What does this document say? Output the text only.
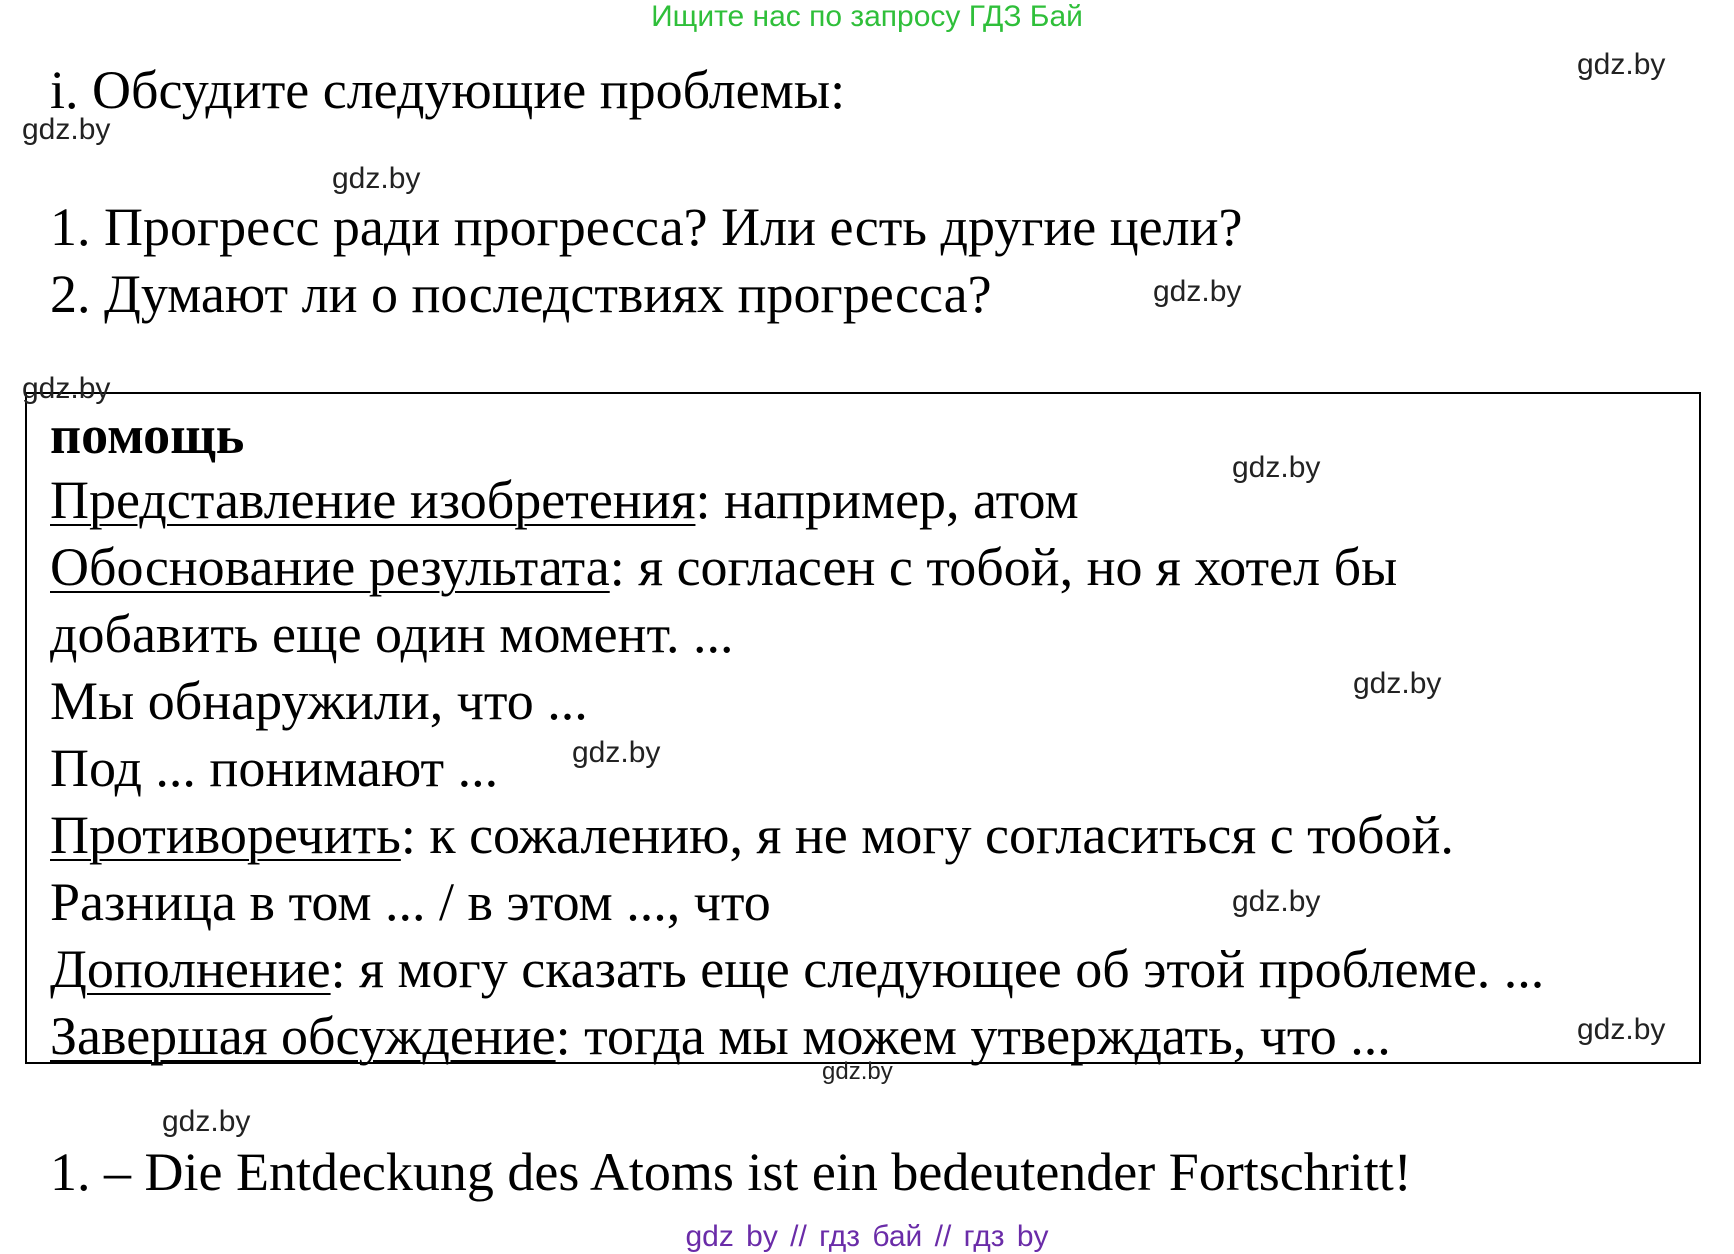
Ищите нас по запросу ГДЗ Бай
i. Обсудите следующие проблемы:
1. Прогресс ради прогресса? Или есть другие цели?
2. Думают ли о последствиях прогресса?
помощь
Представление изобретения: например, атом
Обоснование результата: я согласен с тобой, но я хотел бы
добавить еще один момент. ...
Мы обнаружили, что ...
Под ... понимают ...
Противоречить: к сожалению, я не могу согласиться с тобой.
Разница в том ... / в этом ..., что
Дополнение: я могу сказать еще следующее об этой проблеме. ...
Завершая обсуждение: тогда мы можем утверждать, что ...
1. – Die Entdeckung des Atoms ist ein bedeutender Fortschritt!
gdz.by
gdz.by
gdz.by
gdz.by
gdz.by
gdz.by
gdz.by
gdz.by
gdz.by
gdz.by
gdz.by
gdz.by
gdz by // гдз бай // гдз by
